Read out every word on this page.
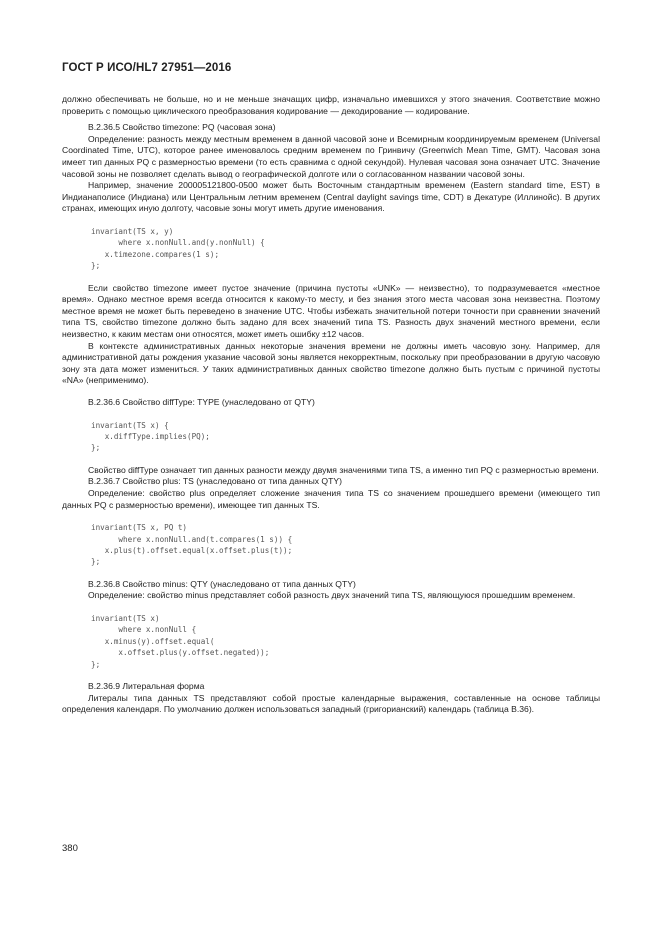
ГОСТ Р ИСО/HL7 27951—2016

должно обеспечивать не больше, но и не меньше значащих цифр, изначально имевшихся у этого значения. Соответствие можно проверить с помощью циклического преобразования кодирование — декодирование — кодирование.

В.2.36.5 Свойство timezone: PQ (часовая зона)

Определение: разность между местным временем в данной часовой зоне и Всемирным координируемым временем (Universal Coordinated Time, UTC), которое ранее именовалось средним временем по Гринвичу (Greenwich Mean Time, GMT). Часовая зона имеет тип данных PQ с размерностью времени (то есть сравнима с одной секундой). Нулевая часовая зона означает UTC. Значение часовой зоны не позволяет сделать вывод о географической долготе или о согласованном названии часовой зоны.

Например, значение 200005121800-0500 может быть Восточным стандартным временем (Eastern standard time, EST) в Индианаполисе (Индиана) или Центральным летним временем (Central daylight savings time, CDT) в Декатуре (Иллинойс). В других странах, имеющих иную долготу, часовые зоны могут иметь другие именования.

invariant(TS x, y)
where x.nonNull.and(y.nonNull) {
x.timezone.compares(1 s);
};

Если свойство timezone имеет пустое значение (причина пустоты «UNK» — неизвестно), то подразумевается «местное время». Однако местное время всегда относится к какому-то месту, и без знания этого места часовая зона неизвестна. Поэтому местное время не может быть переведено в значение UTC. Чтобы избежать значительной потери точности при сравнении значений типа TS, свойство timezone должно быть задано для всех значений типа TS. Разность двух значений местного времени, если неизвестно, к каким местам они относятся, может иметь ошибку ±12 часов.

В контексте административных данных некоторые значения времени не должны иметь часовую зону. Например, для административной даты рождения указание часовой зоны является некорректным, поскольку при преобразовании в другую часовую зону эта дата может измениться. У таких административных данных свойство timezone должно быть пустым с причиной пустоты «NA» (неприменимо).

В.2.36.6 Свойство diffType: TYPE (унаследовано от QTY)

invariant(TS x) {
x.diffType.implies(PQ);
};

Свойство diffType означает тип данных разности между двумя значениями типа TS, а именно тип PQ с размерностью времени.

В.2.36.7 Свойство plus: TS (унаследовано от типа данных QTY)

Определение: свойство plus определяет сложение значения типа TS со значением прошедшего времени (имеющего тип данных PQ с размерностью времени), имеющее тип данных TS.

invariant(TS x, PQ t)
where x.nonNull.and(t.compares(1 s)) {
x.plus(t).offset.equal(x.offset.plus(t));
};

В.2.36.8 Свойство minus: QTY (унаследовано от типа данных QTY)

Определение: свойство minus представляет собой разность двух значений типа TS, являющуюся прошедшим временем.

invariant(TS x)
where x.nonNull {
x.minus(y).offset.equal(
x.offset.plus(y.offset.negated));
};

В.2.36.9 Литеральная форма

Литералы типа данных TS представляют собой простые календарные выражения, составленные на основе таблицы определения календаря. По умолчанию должен использоваться западный (григорианский) календарь (таблица В.36).

380
